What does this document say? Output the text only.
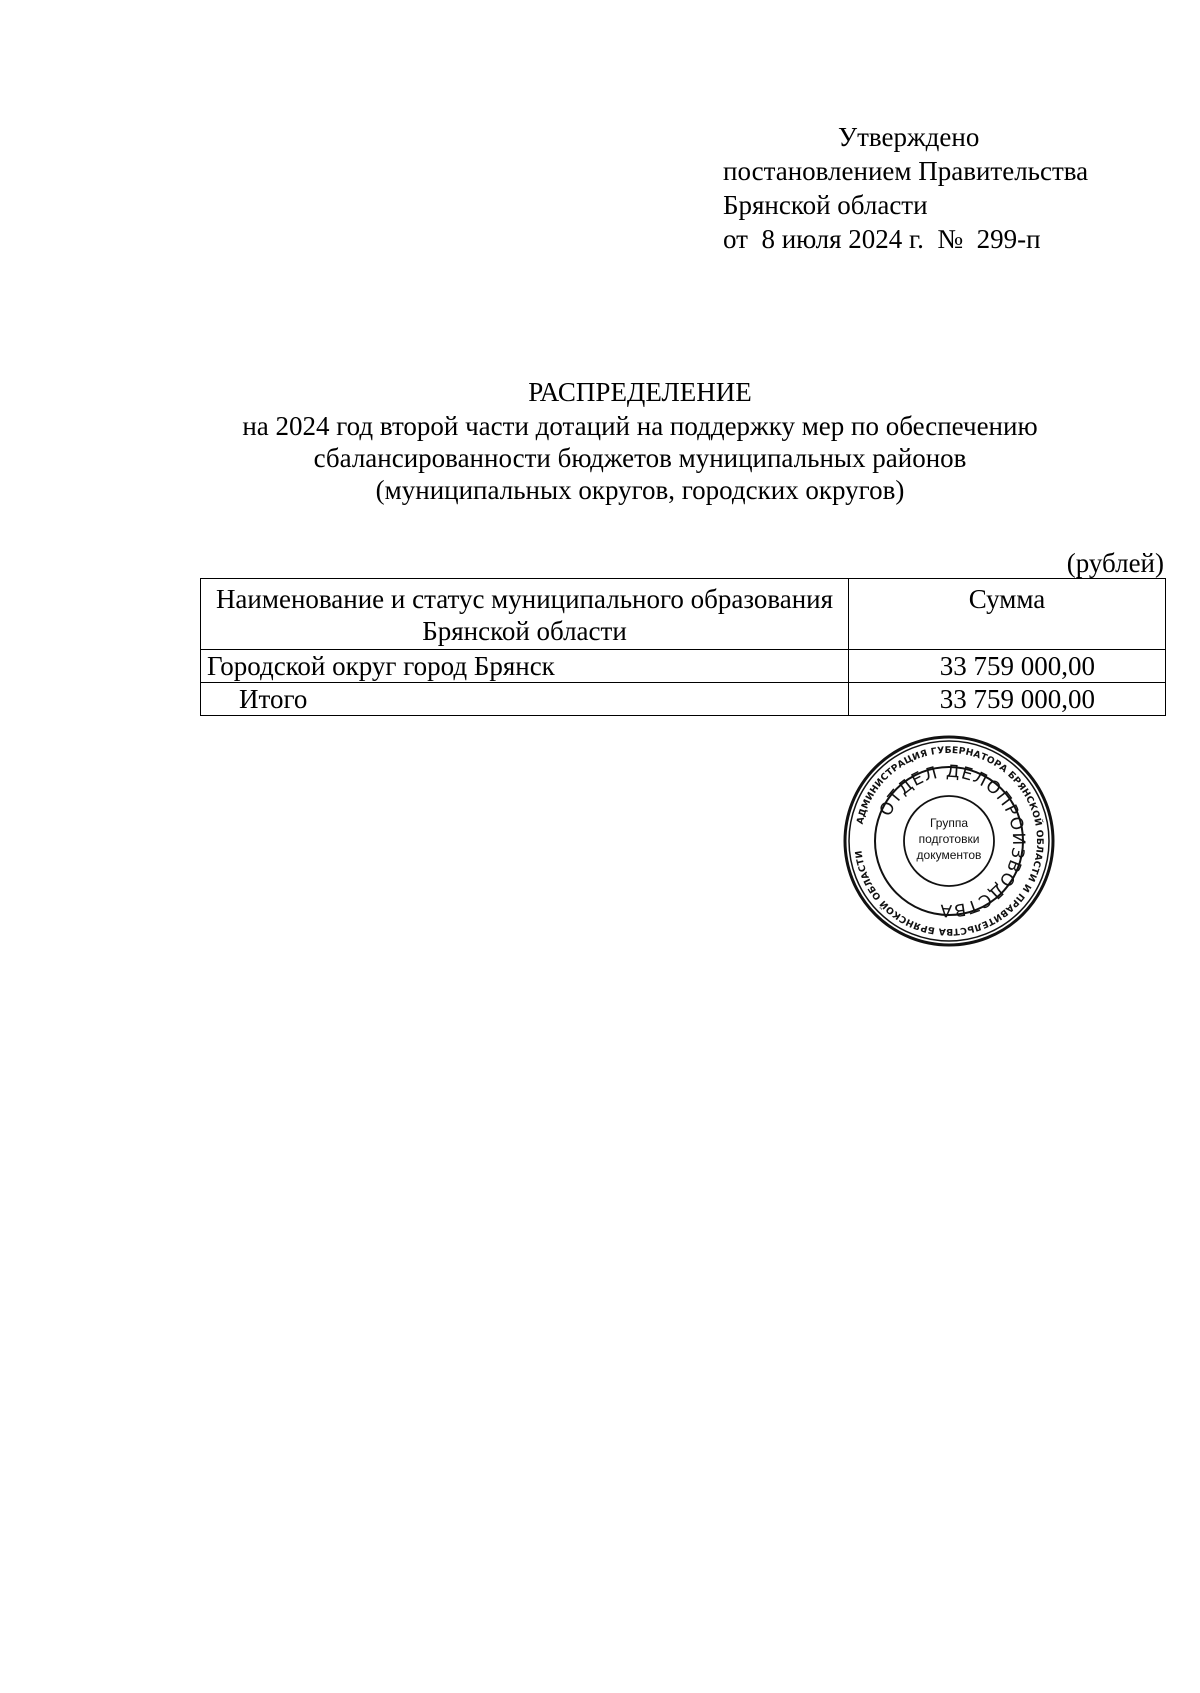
Утверждено
постановлением Правительства
Брянской области
от  8 июля 2024 г.  №  299-п
РАСПРЕДЕЛЕНИЕ
на 2024 год второй части дотаций на поддержку мер по обеспечению
сбалансированности бюджетов муниципальных районов
(муниципальных округов, городских округов)
(рублей)
Наименование и статус муниципального образования Брянской области	Сумма
Городской округ город Брянск	33 759 000,00
Итого	33 759 000,00
АДМИНИСТРАЦИЯ ГУБЕРНАТОРА БРЯНСКОЙ ОБЛАСТИ И ПРАВИТЕЛЬСТВА БРЯНСКОЙ ОБЛАСТИ
ОТДЕЛ ДЕЛОПРОИЗВОДСТВА
Группа
подготовки
документов
